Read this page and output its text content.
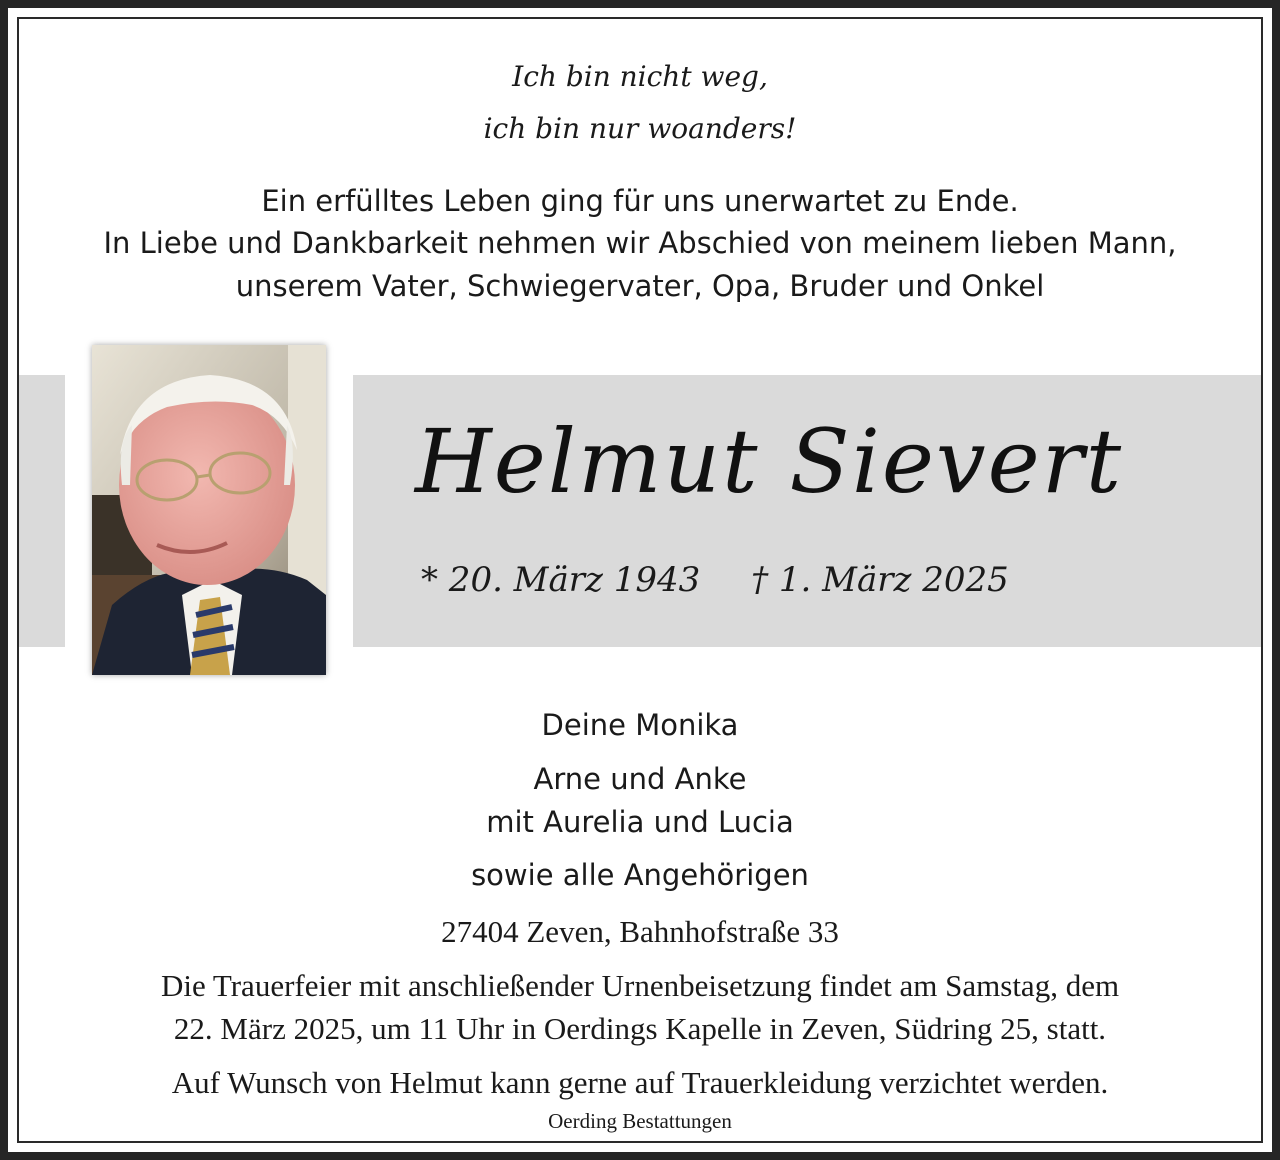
Ich bin nicht weg,
ich bin nur woanders!
Ein erfülltes Leben ging für uns unerwartet zu Ende.
In Liebe und Dankbarkeit nehmen wir Abschied von meinem lieben Mann,
unserem Vater, Schwiegervater, Opa, Bruder und Onkel
Helmut Sievert
* 20. März 1943 † 1. März 2025
Deine Monika
Arne und Anke
mit Aurelia und Lucia
sowie alle Angehörigen
27404 Zeven, Bahnhofstraße 33
Die Trauerfeier mit anschließender Urnenbeisetzung findet am Samstag, dem
22. März 2025, um 11 Uhr in Oerdings Kapelle in Zeven, Südring 25, statt.
Auf Wunsch von Helmut kann gerne auf Trauerkleidung verzichtet werden.
Oerding Bestattungen
